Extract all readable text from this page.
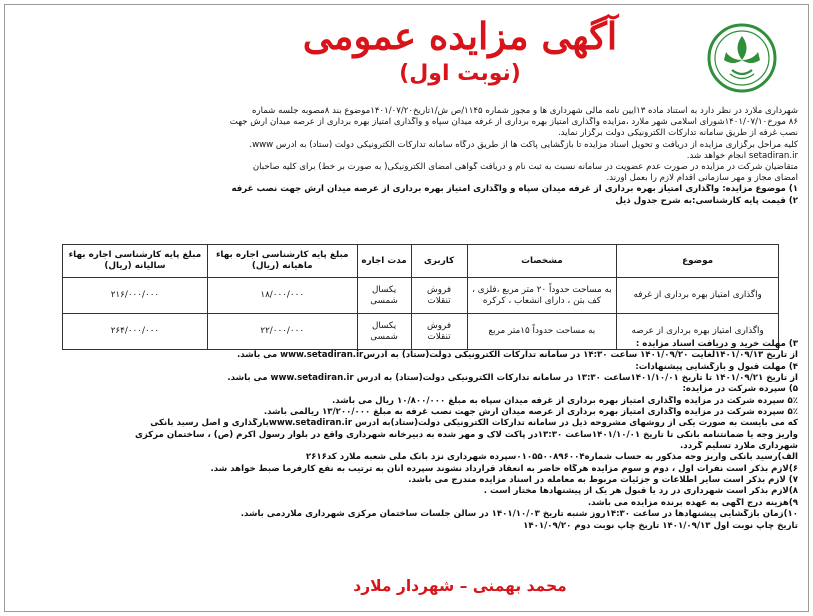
آگهی مزایده عمومی
(نوبت اول)

شهرداری ملارد در نظر دارد به استناد ماده ۱۳آیین نامه مالی شهرداری ها و مجوز شماره ۱۱۴۵/ص ش/۱تاریخ۱۴۰۱/۰۷/۲۰موضوع بند ۸مصوبه جلسه شماره

۸۶ مورخ۱۴۰۱/۰۷/۱۰شورای اسلامی شهر ملارد ،مزایده واگذاری امتیاز بهره برداری از غرفه میدان سپاه و واگذاری امتیاز بهره برداری از عرصه میدان آرش جهت

نصب غرفه از طریق سامانه تدارکات الکترونیکی دولت برگزار نماید.

کلیه مراحل برگزاری مزایده از دریافت و تحویل اسناد مزایده تا بازگشایی پاکت ها از طریق درگاه سامانه تدارکات الکترونیکی دولت (ستاد) به آدرس www.

setadiran.ir انجام خواهد شد.

متقاضیان شرکت در مزایده در صورت عدم عضویت در سامانه نسبت به ثبت نام و دریافت گواهی امضای الکترونیکی( به صورت بر خط) برای کلیه صاحبان

امضای مجاز و مهر سازمانی اقدام لازم را بعمل آورند.

۱) موضوع مزایده: واگذاری امتیاز بهره برداری از غرفه میدان سپاه و واگذاری امتیاز بهره برداری از عرصه میدان آرش جهت نصب غرفه

۲) قیمت پایه کارشناسی:به شرح جدول ذیل

موضوع	مشخصات	کاربری	مدت اجاره	مبلغ پایه کارشناسی اجاره بهاء ماهیانه (ریال)	مبلغ پایه کارشناسی اجاره بهاء سالیانه (ریال)
واگذاری امتیاز بهره برداری از غرفه	به مساحت حدوداً ۲۰ متر مربع ،فلزی ، کف بتن ، دارای انشعاب ، کرکره	فروش تنقلات	یکسال شمسی	۱۸/۰۰۰/۰۰۰	۲۱۶/۰۰۰/۰۰۰
واگذاری امتیاز بهره برداری از عرصه	به مساحت حدوداً ۱۵متر مربع	فروش تنقلات	یکسال شمسی	۲۲/۰۰۰/۰۰۰	۲۶۴/۰۰۰/۰۰۰

۳) مهلت خرید و دریافت اسناد مزایده :

از تاریخ ۱۴۰۱/۰۹/۱۳لغایت ۱۴۰۱/۰۹/۲۰ ساعت ۱۴:۳۰ در سامانه تدارکات الکترونیکی دولت(ستاد) به آدرسwww.setadiran.ir می باشد.

۴) مهلت قبول و بازگشایی پیشنهادات:

از تاریخ ۱۴۰۱/۰۹/۲۱ تا تاریخ ۱۴۰۱/۱۰/۰۱ساعت ۱۳:۳۰ در سامانه تدارکات الکترونیکی دولت(ستاد) به آدرس www.setadiran.ir می باشد.

۵) سپرده شرکت در مزایده:

۵٪ سپرده شرکت در مزایده واگذاری امتیاز بهره برداری از غرفه میدان سپاه به مبلغ ۱۰/۸۰۰/۰۰۰ ریال می باشد.

۵٪ سپرده شرکت در مزایده واگذاری امتیاز بهره برداری از عرصه میدان آرش جهت نصب غرفه به مبلغ ۱۳/۲۰۰/۰۰۰ ریالمی باشد.

که می بایست به صورت یکی از روشهای مشروحه ذیل در سامانه تدارکات الکترونیکی دولت(ستاد)به آدرس www.setadiran.irبارگذاری و اصل رسید بانکی

واریز وجه یا ضمانتنامه بانکی تا تاریخ ۱۴۰۱/۱۰/۰۱ساعت ۱۳:۳۰در پاکت لاک و مهر شده به دبیرخانه شهرداری واقع در بلوار رسول اکرم (ص) ، ساختمان مرکزی

شهرداری ملارد تسلیم گردد.

الف)رسید بانکی واریز وجه مذکور به حساب شماره۰۱۰۵۵۰۰۸۹۶۰۰۴سپرده شهرداری نزد بانک ملی شعبه ملارد کد۲۶۱۶

۶)لازم بذکر است نفرات اول ، دوم و سوم مزایده هرگاه حاضر به انعقاد قرارداد نشوند سپرده آنان به ترتیب به نفع کارفرما ضبط خواهد شد.

۷) لازم بذکر است سایر اطلاعات و جزئیات مربوط به معامله در اسناد مزایده مندرج می باشد.

۸)لازم بذکر است شهرداری در رد یا قبول هر یک از پیشنهادها مختار است .

۹)هزینه درج آگهی به عهده برنده مزایده می باشد.

۱۰)زمان بازگشایی پیشنهادها در ساعت ۱۴:۳۰روز شنبه تاریخ ۱۴۰۱/۱۰/۰۳ در سالن جلسات ساختمان مرکزی شهرداری ملاردمی باشد.

تاریخ چاپ نوبت اول ۱۴۰۱/۰۹/۱۳ تاریخ چاپ نوبت دوم ۱۴۰۱/۰۹/۲۰

محمد بهمنی – شهردار ملارد
